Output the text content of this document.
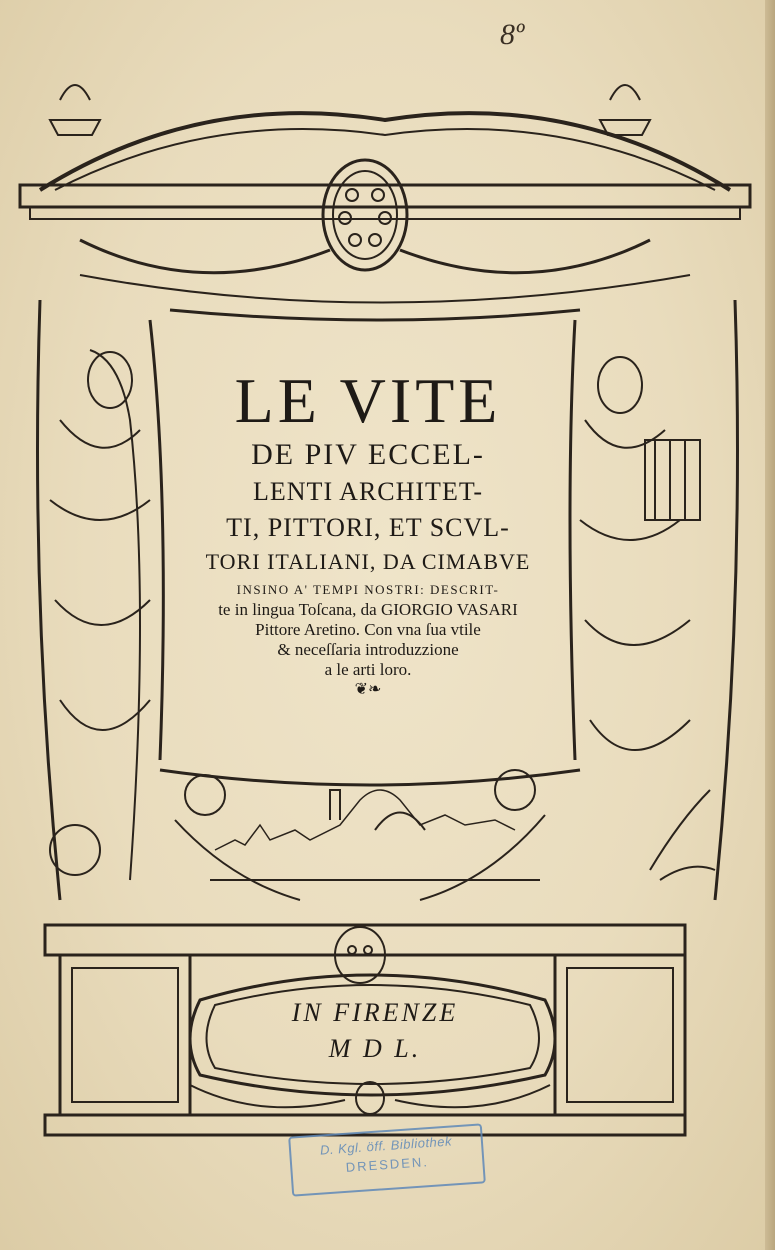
8º
LE VITE
DE PIV ECCEL-
LENTI ARCHITET-
TI, PITTORI, ET SCVL-
TORI ITALIANI, DA CIMABVE
INSINO A' TEMPI NOSTRI: DESCRIT-
te in lingua Toſcana, da GIORGIO VASARI
Pittore Aretino. Con vna ſua vtile
& neceſſaria introduzzione
a le arti loro.
❦❧
IN FIRENZE
M D L.
D. Kgl. öff. Bibliothek
DRESDEN.
